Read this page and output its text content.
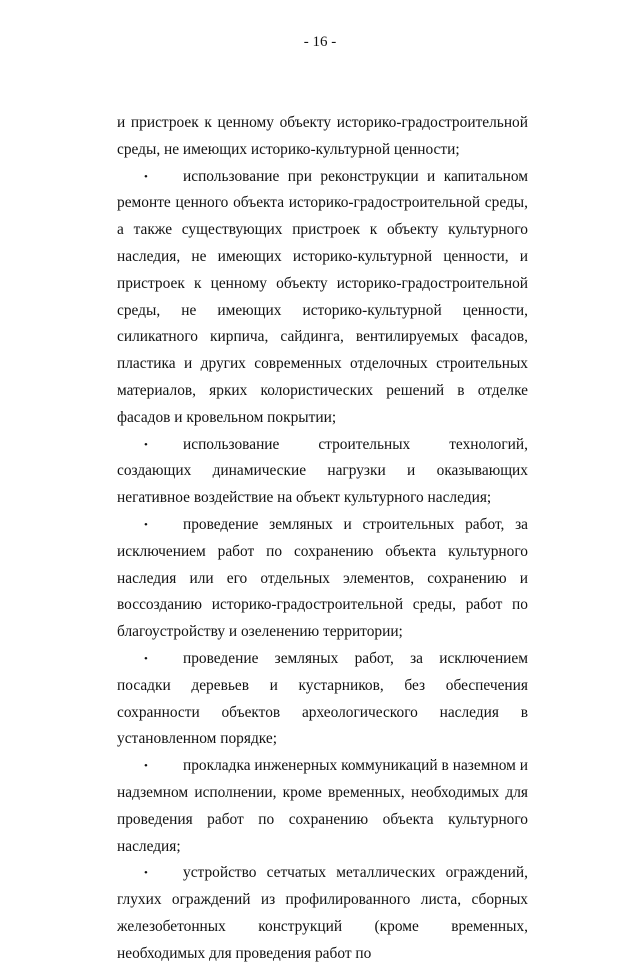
- 16 -

и пристроек к ценному объекту историко-градостроительной среды, не имеющих историко-культурной ценности;

• использование при реконструкции и капитальном ремонте ценного объекта историко-градостроительной среды, а также существующих пристроек к объекту культурного наследия, не имеющих историко-культурной ценности, и пристроек к ценному объекту историко-градостроительной среды, не имеющих историко-культурной ценности, силикатного кирпича, сайдинга, вентилируемых фасадов, пластика и других современных отделочных строительных материалов, ярких колористических решений в отделке фасадов и кровельном покрытии;

• использование строительных технологий, создающих динамические нагрузки и оказывающих негативное воздействие на объект культурного наследия;

• проведение земляных и строительных работ, за исключением работ по сохранению объекта культурного наследия или его отдельных элементов, сохранению и воссозданию историко-градостроительной среды, работ по благоустройству и озеленению территории;

• проведение земляных работ, за исключением посадки деревьев и кустарников, без обеспечения сохранности объектов археологического наследия в установленном порядке;

• прокладка инженерных коммуникаций в наземном и надземном исполнении, кроме временных, необходимых для проведения работ по сохранению объекта культурного наследия;

• устройство сетчатых металлических ограждений, глухих ограждений из профилированного листа, сборных железобетонных конструкций (кроме временных, необходимых для проведения работ по
